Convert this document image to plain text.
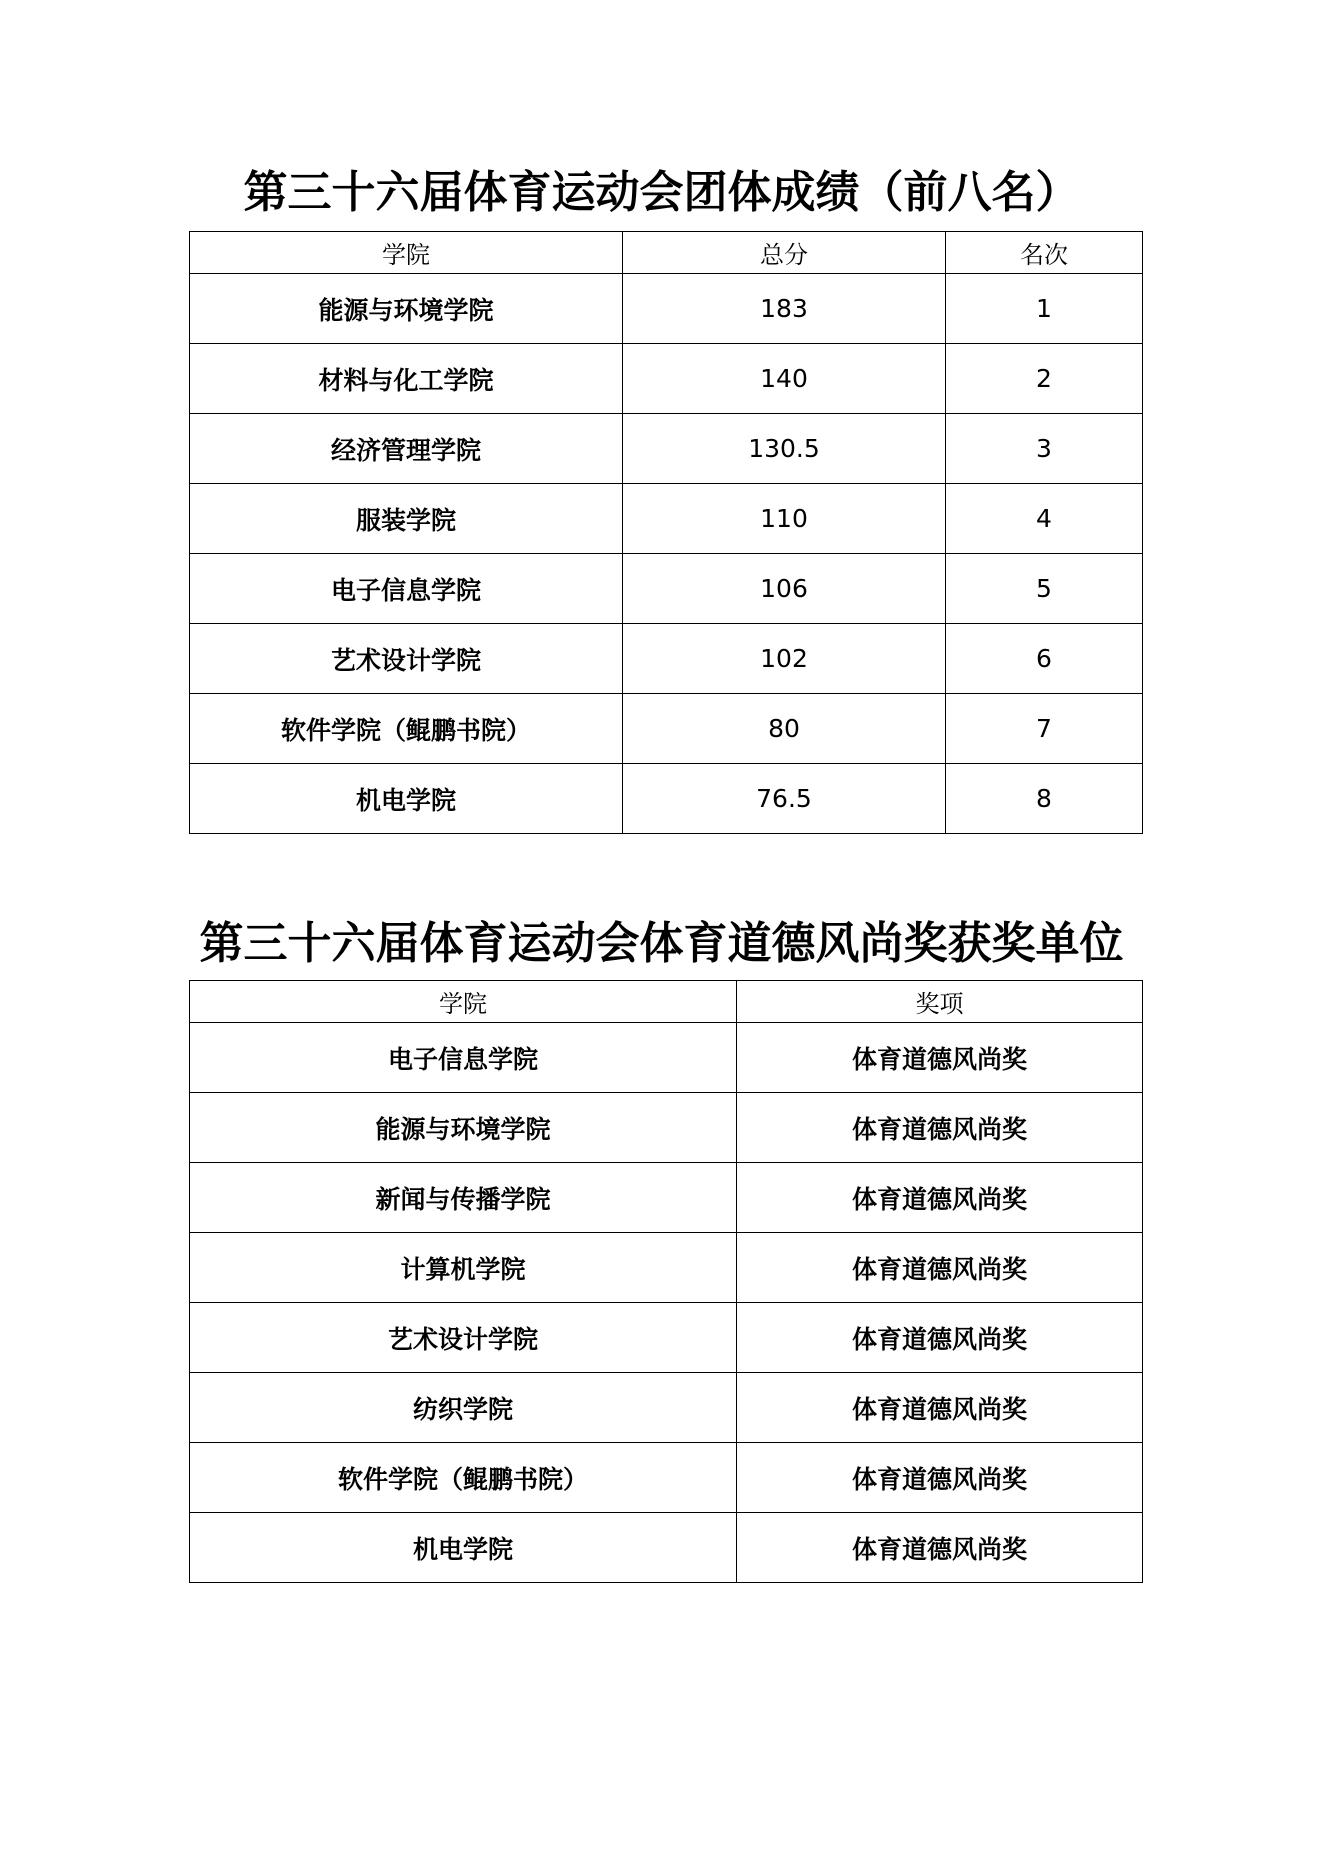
第三十六届体育运动会团体成绩（前八名）
学院	总分	名次
能源与环境学院	183	1
材料与化工学院	140	2
经济管理学院	130.5	3
服装学院	110	4
电子信息学院	106	5
艺术设计学院	102	6
软件学院（鲲鹏书院）	80	7
机电学院	76.5	8
第三十六届体育运动会体育道德风尚奖获奖单位
学院	奖项
电子信息学院	体育道德风尚奖
能源与环境学院	体育道德风尚奖
新闻与传播学院	体育道德风尚奖
计算机学院	体育道德风尚奖
艺术设计学院	体育道德风尚奖
纺织学院	体育道德风尚奖
软件学院（鲲鹏书院）	体育道德风尚奖
机电学院	体育道德风尚奖
